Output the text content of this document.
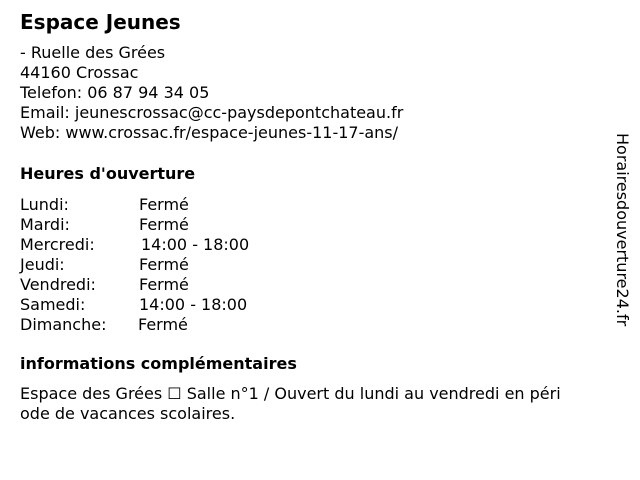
Espace Jeunes
- Ruelle des Grées
44160 Crossac
Telefon: 06 87 94 34 05
Email: jeunescrossac@cc-paysdepontchateau.fr
Web: www.crossac.fr/espace-jeunes-11-17-ans/
Heures d'ouverture
Lundi:	Fermé
Mardi:	Fermé
Mercredi:	14:00 - 18:00
Jeudi:	Fermé
Vendredi:	Fermé
Samedi:	14:00 - 18:00
Dimanche: Fermé
informations complémentaires
Espace des Grées ☐ Salle n°1 / Ouvert du lundi au vendredi en péri
ode de vacances scolaires.
Horairesdouverture24.fr
